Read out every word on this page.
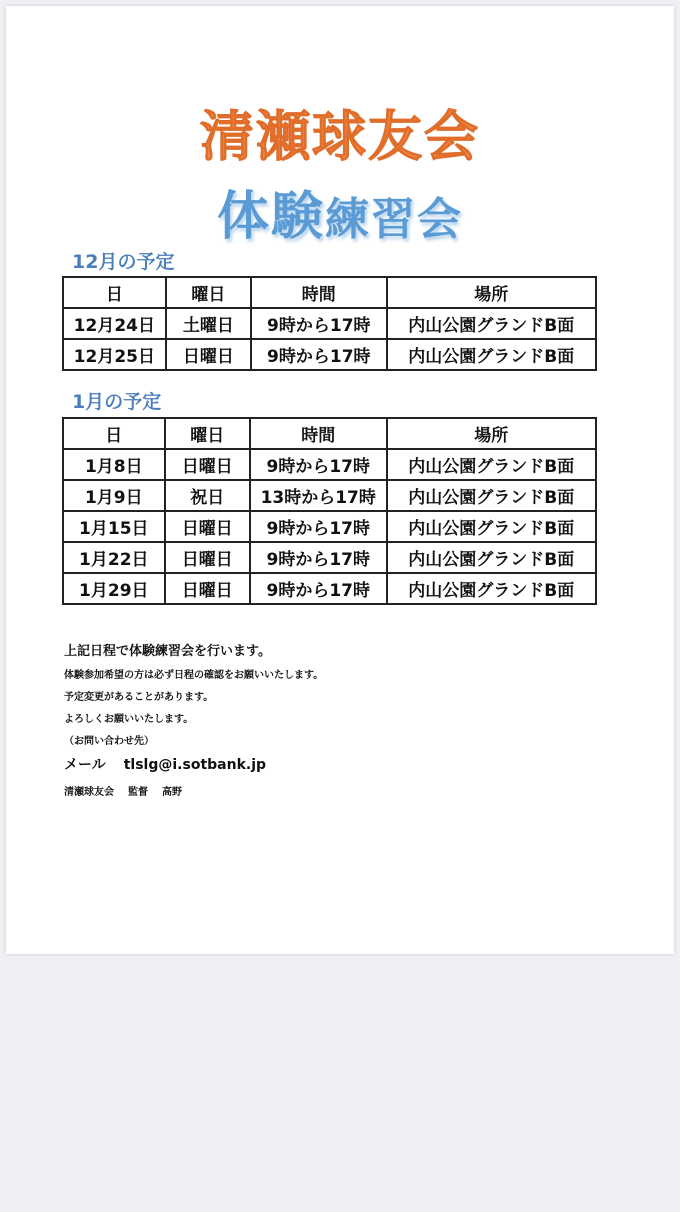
清瀬球友会
体験練習会
12月の予定
日	曜日	時間	場所
12月24日	土曜日	9時から17時	内山公園グランドB面
12月25日	日曜日	9時から17時	内山公園グランドB面
1月の予定
日	曜日	時間	場所
1月8日	日曜日	9時から17時	内山公園グランドB面
1月9日	祝日	13時から17時	内山公園グランドB面
1月15日	日曜日	9時から17時	内山公園グランドB面
1月22日	日曜日	9時から17時	内山公園グランドB面
1月29日	日曜日	9時から17時	内山公園グランドB面
上記日程で体験練習会を行います。
体験参加希望の方は必ず日程の確認をお願いいたします。
予定変更があることがあります。
よろしくお願いいたします。
（お問い合わせ先）
メール tlslg@i.sotbank.jp
清瀬球友会 監督 高野
